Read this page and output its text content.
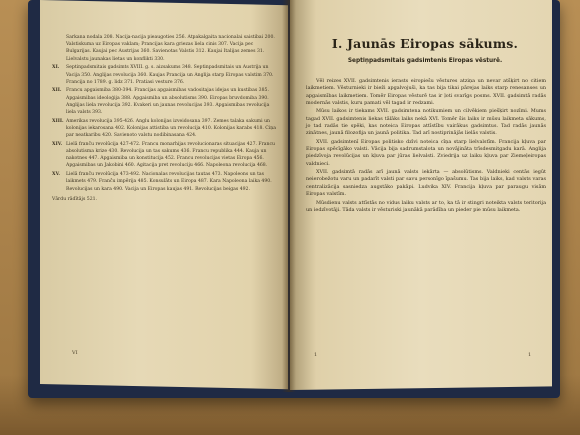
Sarkana nodala 208. Nacija-nacija pieaugoties 256. Atpakalgaita nacionalai saistibai 200. Valstiskuma uz Eiropas vaklam; Prancijas kara griezas liela cinis 307. Vacija pec Bulgarijas. Kaujai pec Austrijas 360. Savienotas Valstis 312. Kaujai Italijas zemes 31. Lielvalstu jaunakas lietas un konflikti 330.
XI. Septinpadsmitais gadsimts XVIII. g. s. aizsakums 348. Septinpadsmitais un Austrija un Vacija 350. Anglijas revolucija 360. Kaujas Prancija un Anglija starp Eiropas valstim 370. Francija no 1789. g. lidz 371. Pratiasi vesture 376.
XII. Francu apgaismiba 380-394. Francijas apgaismibas vadositajas idejas un kustibas 385. Apgaismibas ideoloģija 388. Apgaismiba un absolutisms 390. Eiropas bruvdomiba 390. Anglijas liela revolucija 392. Kvakeri un jaunas revolucijas 393. Apgaismibas revolucija liela valsts 393.
XIII. Amerikas revolucija 395-426. Anglu kolonijas izveidosana 397. Zemes talaka sakumi un kolonijas iekarosana 402. Kolonijas attistiba un revolucija 410. Kolonijas karabs 418. Ciņa par neatkaribu 420. Savienoto valstu nodibinasana 424.
XIV. Lielā franču revolūcija 427-472. Francu monarhijas revolucionaras situacijas 427. Francu absolutisma krize 430. Revolucija un tas sakums 436. Francu republika 444. Kauja un nakotnes 447. Apgaismiba un konstitucija 452. Francu revolucijas vietas Eiropa 456. Apgaismibas un Jakobini 460. Agitacija pret revoluciju 466. Napoleona revolucija 468.
XV. Lielā franču revolūcija 473-492. Nacionalas revolucijas tautas 473. Napoleons un tas laikmets 479. Franču impērija 485. Konsulāts un Eiropa 487. Kara Napoleona laika 490. Revolucijas un kara 490. Vacija un Eiropas kaujas 491. Revolucijas beigas 492.
Vārdu rādītājs 521.
VI
I. Jaunās Eiropas sākums.
Septiņpadsmitais gadsimtenis Eiropas vēsturē.

Vēl reizes XVII. gadsimtenis ierasts eiropiešu vēstures atziņa un nevar atšķirt no citiem laikmetiem. Vēsturnieki ir bieži apgalvojuši, ka tas bija tikai pārejas laiks starp renesanses un apgaismības laikmetiem. Tomēr Eiropas vēsturē tas ir ļoti svarīgs posms. XVII. gadsimtā radās modernās valstis, kuru pamati vēl tagad ir redzami.

Mūsu laikos ir tiekams XVII. gadsimtena notikumiem un cilvēkiem piešķirt nozīmi. Mums tagad XVII. gadsimtenis liekas tālāks laiks nekā XVI. Tomēr šis laiks ir mūsu laikmeta sākums, jo tad radās tie spēki, kas noteica Eiropas attīstību vairākus gadsimtus. Tad radās jaunās zinātnes, jaunā filozofija un jaunā politika. Tad arī nostiprinājās lielās valstis.

XVII. gadsimtenī Eiropas politisko dzīvi noteica cīņa starp lielvalstīm. Francija kļuva par Eiropas spēcīgāko valsti. Vācija bija sadrumstalota un novājināta trīsdesmitgadu karā. Anglija piedzīvoja revolūcijas un kļuva par jūras lielvalsti. Zviedrija uz laiku kļuva par Ziemeļeiropas valdnieci.

XVII. gadsimtā radās arī jaunā valsts iekārta — absolūtisms. Valdnieki centās iegūt neierobežotu varu un padarīt valsti par savu personīgo īpašumu. Tas bija laiks, kad valsts varas centralizācija sasniedza augstāko pakāpi. Ludvika XIV. Francija kļuva par paraugu visām Eiropas valstīm.

Mūsdienu valsts attīstās no vidus laiku valsts ar to, ka tā ir stingri noteikta valsts teritorija un iedzīvotāji. Tāda valsts ir vēsturiski jaunākā parādība un pieder pie mūsu laikmeta.

1	1
